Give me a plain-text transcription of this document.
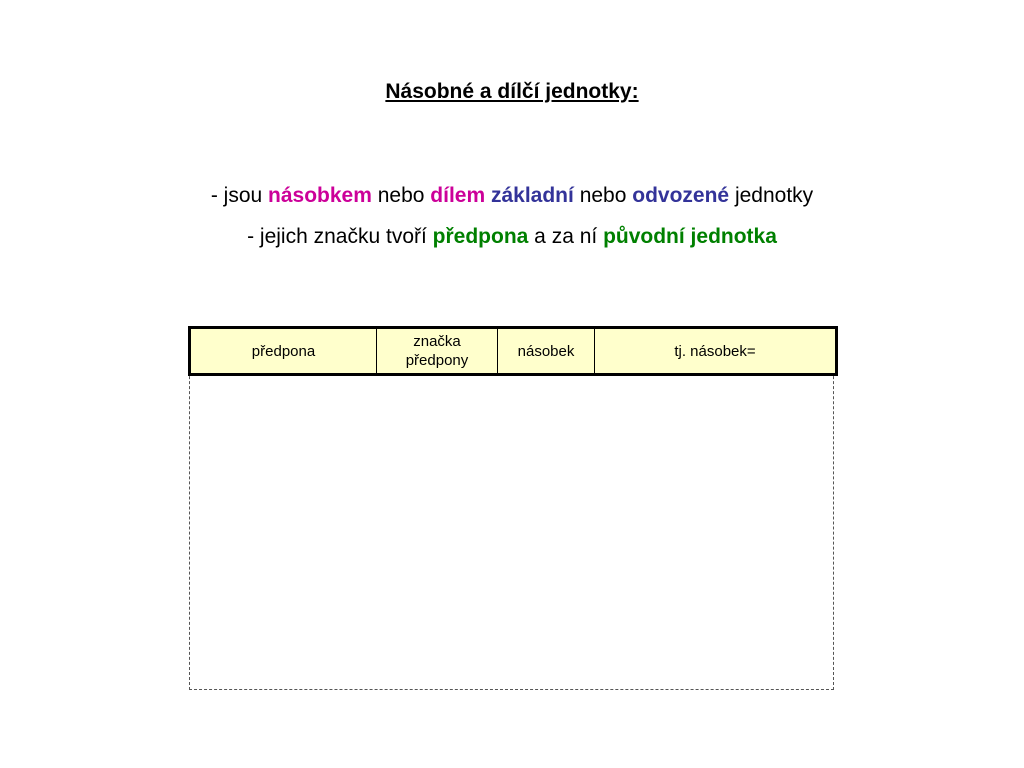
Násobné a dílčí jednotky:
- jsou násobkem nebo dílem základní nebo odvozené jednotky
- jejich značku tvoří předpona a za ní původní jednotka
předpona	značka předpony	násobek	tj. násobek=
